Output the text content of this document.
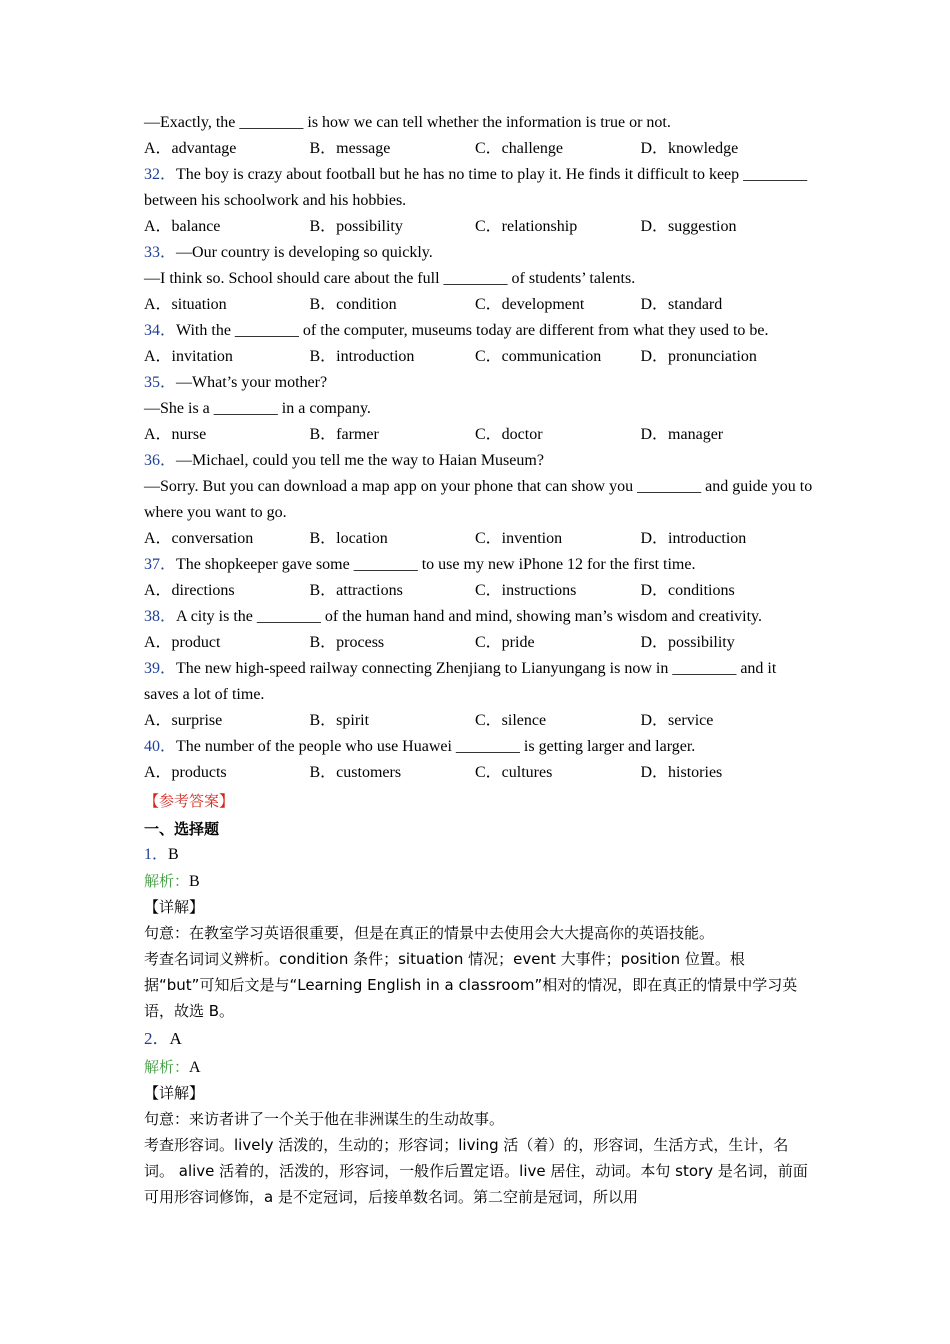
—Exactly, the ________ is how we can tell whether the information is true or not.
A．advantage	B．message	C．challenge	D．knowledge
32．The boy is crazy about football but he has no time to play it. He finds it difficult to keep ________ between his schoolwork and his hobbies.
A．balance	B．possibility	C．relationship	D．suggestion
33．—Our country is developing so quickly.
—I think so. School should care about the full ________ of students’ talents.
A．situation	B．condition	C．development	D．standard
34．With the ________ of the computer, museums today are different from what they used to be.
A．invitation	B．introduction	C．communication	D．pronunciation
35．—What’s your mother?
—She is a ________ in a company.
A．nurse	B．farmer	C．doctor	D．manager
36．—Michael, could you tell me the way to Haian Museum?
—Sorry. But you can download a map app on your phone that can show you ________ and guide you to where you want to go.
A．conversation	B．location	C．invention	D．introduction
37．The shopkeeper gave some ________ to use my new iPhone 12 for the first time.
A．directions	B．attractions	C．instructions	D．conditions
38．A city is the ________ of the human hand and mind, showing man’s wisdom and creativity.
A．product	B．process	C．pride	D．possibility
39．The new high-speed railway connecting Zhenjiang to Lianyungang is now in ________ and it saves a lot of time.
A．surprise	B．spirit	C．silence	D．service
40．The number of the people who use Huawei ________ is getting larger and larger.
A．products	B．customers	C．cultures	D．histories
【参考答案】
一、选择题
1．B
解析：B
【详解】
句意：在教室学习英语很重要，但是在真正的情景中去使用会大大提高你的英语技能。
考查名词词义辨析。condition 条件；situation 情况；event 大事件；position 位置。根据“but”可知后文是与“Learning English in a classroom”相对的情况，即在真正的情景中学习英语，故选 B。
2．A
解析：A
【详解】
句意：来访者讲了一个关于他在非洲谋生的生动故事。
考查形容词。lively 活泼的，生动的；形容词；living 活（着）的，形容词，生活方式，生计，名词。 alive 活着的，活泼的，形容词，一般作后置定语。live 居住，动词。本句 story 是名词，前面可用形容词修饰，a 是不定冠词，后接单数名词。第二空前是冠词，所以用
